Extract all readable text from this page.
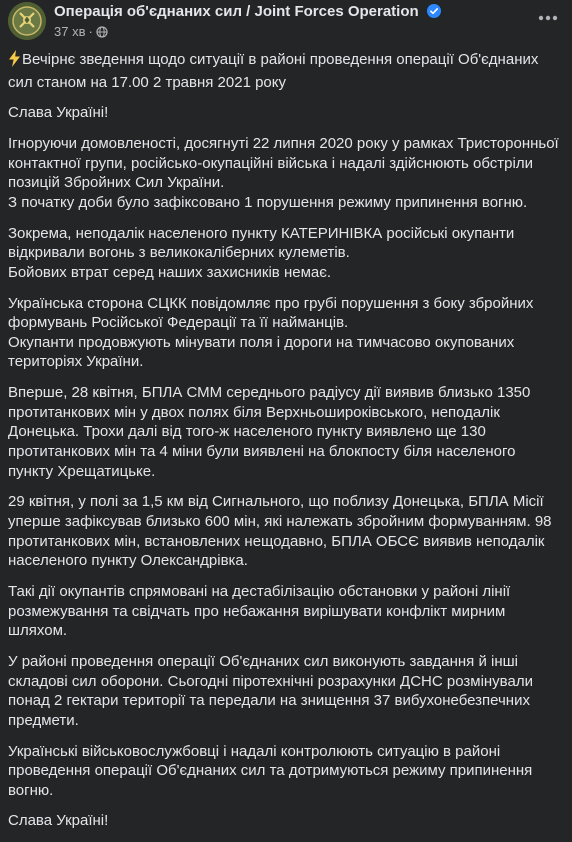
Операція об'єднаних сил / Joint Forces Operation
37 хв ·

Вечірнє зведення щодо ситуації в районі проведення операції Об'єднаних сил станом на 17.00 2 травня 2021 року

Слава Україні!

Ігноруючи домовленості, досягнуті 22 липня 2020 року у рамках Тристоронньої контактної групи, російсько-окупаційні війська і надалі здійснюють обстріли позицій Збройних Сил України.
З початку доби було зафіксовано 1 порушення режиму припинення вогню.

Зокрема, неподалік населеного пункту КАТЕРИНІВКА російські окупанти відкривали вогонь з великокаліберних кулеметів.
Бойових втрат серед наших захисників немає.

Українська сторона СЦКК повідомляє про грубі порушення з боку збройних формувань Російської Федерації та її найманців.
Окупанти продовжують мінувати поля і дороги на тимчасово окупованих територіях України.

Вперше, 28 квітня, БПЛА СММ середнього радіусу дії виявив близько 1350 протитанкових мін у двох полях біля Верхньошироківського, неподалік Донецька. Трохи далі від того-ж населеного пункту виявлено ще 130 протитанкових мін та 4 міни були виявлені на блокпосту біля населеного пункту Хрещатицьке.

29 квітня, у полі за 1,5 км від Сигнального, що поблизу Донецька, БПЛА Місії уперше зафіксував близько 600 мін, які належать збройним формуванням. 98 протитанкових мін, встановлених нещодавно, БПЛА ОБСЄ виявив неподалік населеного пункту Олександрівка.

Такі дії окупантів спрямовані на дестабілізацію обстановки у районі лінії розмежування та свідчать про небажання вирішувати конфлікт мирним шляхом.

У районі проведення операції Об'єднаних сил виконують завдання й інші складові сил оборони. Сьогодні піротехнічні розрахунки ДСНС розмінували понад 2 гектари території та передали на знищення 37 вибухонебезпечних предмети.

Українські військовослужбовці і надалі контролюють ситуацію в районі проведення операції Об'єднаних сил та дотримуються режиму припинення вогню.

Слава Україні!
